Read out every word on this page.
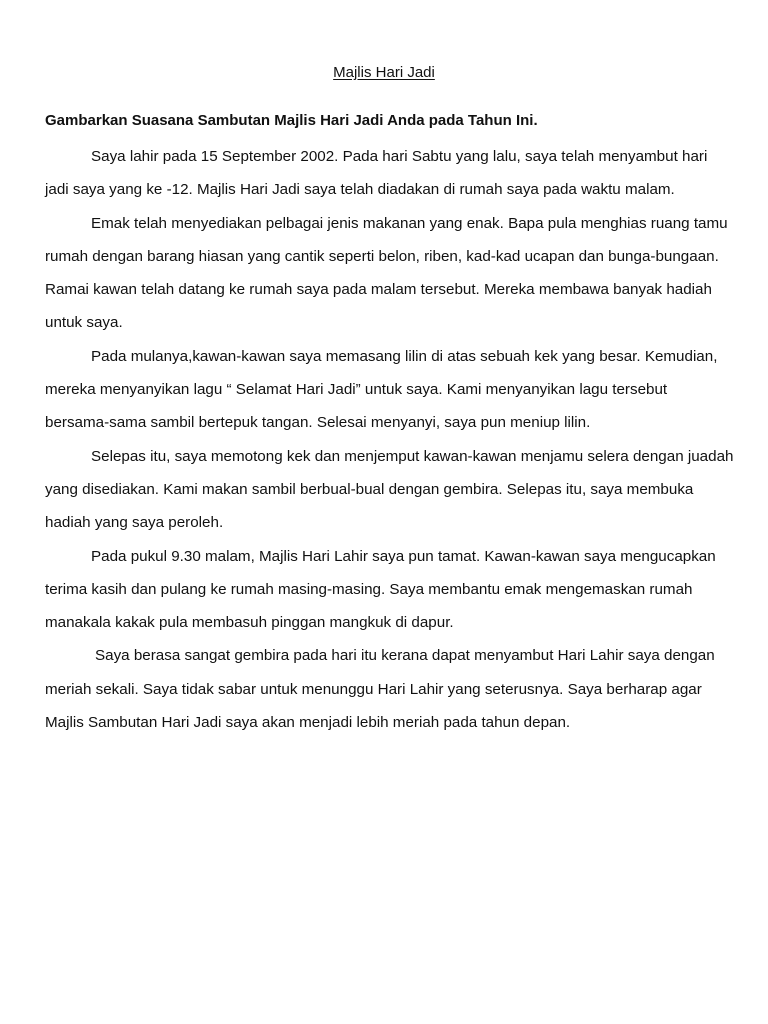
Majlis Hari Jadi

Gambarkan Suasana Sambutan Majlis Hari Jadi Anda pada Tahun Ini.

Saya lahir pada 15 September 2002. Pada hari Sabtu yang lalu, saya telah menyambut hari jadi saya yang ke -12. Majlis Hari Jadi saya telah diadakan di rumah saya pada waktu malam.

Emak telah menyediakan pelbagai jenis makanan yang enak. Bapa pula menghias ruang tamu rumah dengan barang hiasan yang cantik seperti belon, riben, kad-kad ucapan dan bunga-bungaan. Ramai kawan telah datang ke rumah saya pada malam tersebut. Mereka membawa banyak hadiah untuk saya.

Pada mulanya,kawan-kawan saya memasang lilin di atas sebuah kek yang besar. Kemudian, mereka menyanyikan lagu “ Selamat Hari Jadi” untuk saya. Kami menyanyikan lagu tersebut bersama-sama sambil bertepuk tangan. Selesai menyanyi, saya pun meniup lilin.

Selepas itu, saya memotong kek dan menjemput kawan-kawan menjamu selera dengan juadah yang disediakan. Kami makan sambil berbual-bual dengan gembira. Selepas itu, saya membuka hadiah yang saya peroleh.

Pada pukul 9.30 malam, Majlis Hari Lahir saya pun tamat. Kawan-kawan saya mengucapkan terima kasih dan pulang ke rumah masing-masing. Saya membantu emak mengemaskan rumah manakala kakak pula membasuh pinggan mangkuk di dapur.

Saya berasa sangat gembira pada hari itu kerana dapat menyambut Hari Lahir saya dengan meriah sekali. Saya tidak sabar untuk menunggu Hari Lahir yang seterusnya. Saya berharap agar Majlis Sambutan Hari Jadi saya akan menjadi lebih meriah pada tahun depan.
